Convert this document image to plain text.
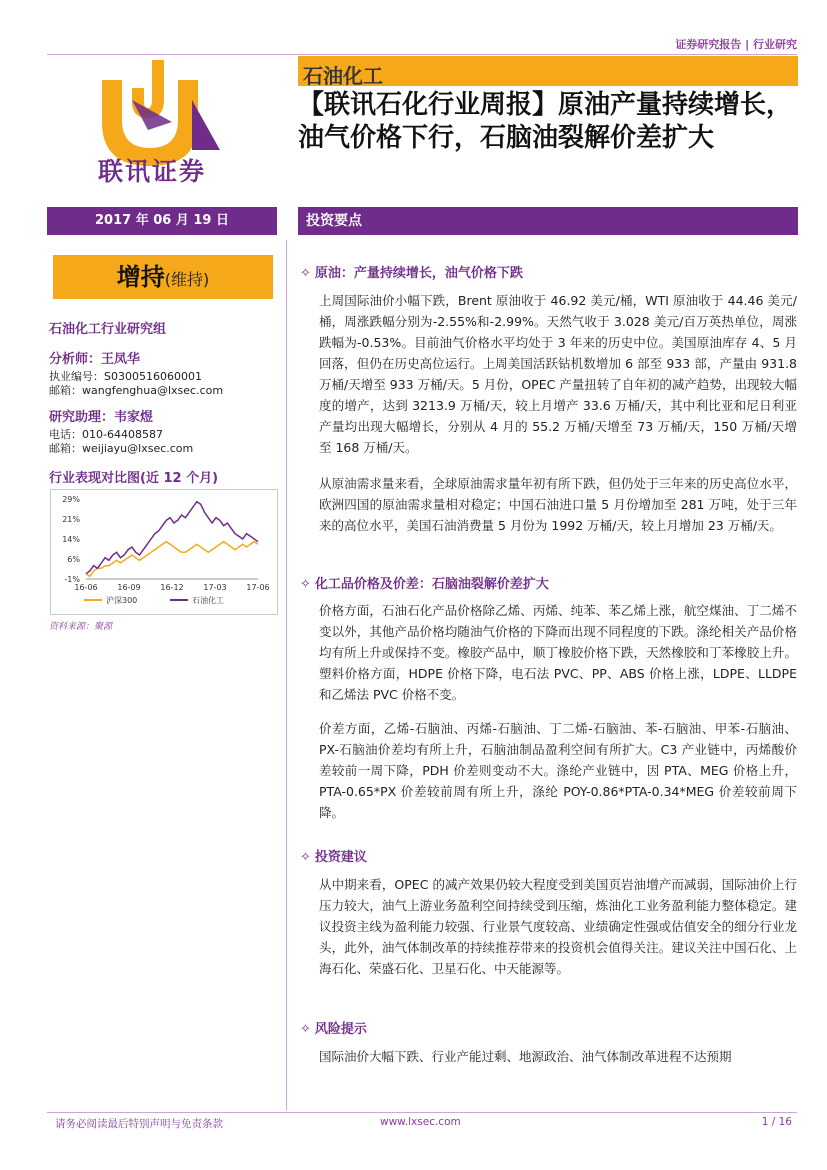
证券研究报告 | 行业研究
联讯证券
石油化工
【联讯石化行业周报】原油产量持续增长，油气价格下行，石脑油裂解价差扩大
2017 年 06 月 19 日	投资要点
增持(维持)
石油化工行业研究组
分析师：王凤华
执业编号：S0300516060001
邮箱：wangfenghua@lxsec.com
研究助理：韦家煜
电话：010-64408587
邮箱：weijiayu@lxsec.com
行业表现对比图(近 12 个月)
29%
21%
14%
6%
-1%
16-06 16-09 16-12 17-03 17-06
沪深300	石油化工
资料来源：聚源
✧ 原油：产量持续增长，油气价格下跌
上周国际油价小幅下跌，Brent 原油收于 46.92 美元/桶，WTI 原油收于 44.46 美元/桶，周涨跌幅分别为-2.55%和-2.99%。天然气收于 3.028 美元/百万英热单位，周涨跌幅为-0.53%。目前油气价格水平均处于 3 年来的历史中位。美国原油库存 4、5 月回落，但仍在历史高位运行。上周美国活跃钻机数增加 6 部至 933 部，产量由 931.8 万桶/天增至 933 万桶/天。5 月份，OPEC 产量扭转了自年初的减产趋势，出现较大幅度的增产，达到 3213.9 万桶/天，较上月增产 33.6 万桶/天，其中利比亚和尼日利亚产量均出现大幅增长，分别从 4 月的 55.2 万桶/天增至 73 万桶/天，150 万桶/天增至 168 万桶/天。
从原油需求量来看，全球原油需求量年初有所下跌，但仍处于三年来的历史高位水平，欧洲四国的原油需求量相对稳定；中国石油进口量 5 月份增加至 281 万吨，处于三年来的高位水平，美国石油消费量 5 月份为 1992 万桶/天，较上月增加 23 万桶/天。
✧ 化工品价格及价差：石脑油裂解价差扩大
价格方面，石油石化产品价格除乙烯、丙烯、纯苯、苯乙烯上涨，航空煤油、丁二烯不变以外，其他产品价格均随油气价格的下降而出现不同程度的下跌。涤纶相关产品价格均有所上升或保持不变。橡胶产品中，顺丁橡胶价格下跌，天然橡胶和丁苯橡胶上升。塑料价格方面，HDPE 价格下降，电石法 PVC、PP、ABS 价格上涨，LDPE、LLDPE 和乙烯法 PVC 价格不变。
价差方面，乙烯-石脑油、丙烯-石脑油、丁二烯-石脑油、苯-石脑油、甲苯-石脑油、PX-石脑油价差均有所上升，石脑油制品盈利空间有所扩大。C3 产业链中，丙烯酸价差较前一周下降，PDH 价差则变动不大。涤纶产业链中，因 PTA、MEG 价格上升，PTA-0.65*PX 价差较前周有所上升，涤纶 POY-0.86*PTA-0.34*MEG 价差较前周下降。
✧ 投资建议
从中期来看，OPEC 的减产效果仍较大程度受到美国页岩油增产而减弱，国际油价上行压力较大，油气上游业务盈利空间持续受到压缩，炼油化工业务盈利能力整体稳定。建议投资主线为盈利能力较强、行业景气度较高、业绩确定性强或估值安全的细分行业龙头，此外，油气体制改革的持续推荐带来的投资机会值得关注。建议关注中国石化、上海石化、荣盛石化、卫星石化、中天能源等。
✧ 风险提示
国际油价大幅下跌、行业产能过剩、地源政治、油气体制改革进程不达预期
请务必阅读最后特别声明与免责条款	www.lxsec.com	1 / 16
